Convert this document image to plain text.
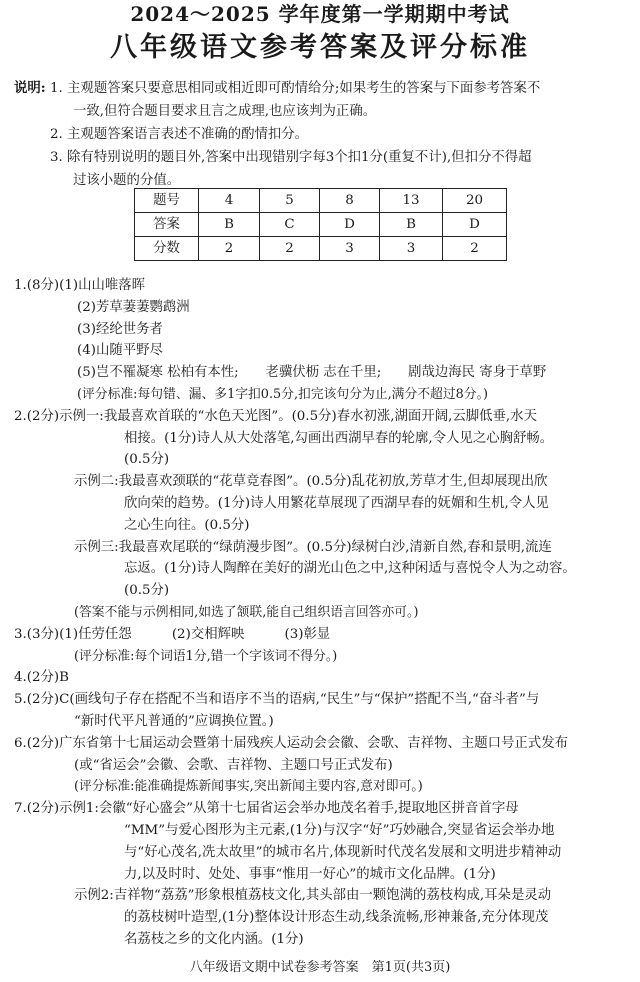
2024～2025 学年度第一学期期中考试
八年级语文参考答案及评分标准
说明: 1. 主观题答案只要意思相同或相近即可酌情给分;如果考生的答案与下面参考答案不
一致,但符合题目要求且言之成理,也应该判为正确。
2. 主观题答案语言表述不准确的酌情扣分。
3. 除有特别说明的题目外,答案中出现错别字每3个扣1分(重复不计),但扣分不得超
过该小题的分值。
题号	4	5	8	13	20
答案	B	C	D	B	D
分数	2	2	3	3	2
1.(8分)(1)山山唯落晖
(2)芳草萋萋鹦鹉洲
(3)经纶世务者
(4)山随平野尽
(5)岂不罹凝寒 松柏有本性;　　老骥伏枥 志在千里;　　剧哉边海民 寄身于草野
(评分标准:每句错、漏、多1字扣0.5分,扣完该句分为止,满分不超过8分。)
2.(2分)示例一:我最喜欢首联的“水色天光图”。(0.5分)春水初涨,湖面开阔,云脚低垂,水天
相接。(1分)诗人从大处落笔,勾画出西湖早春的轮廓,令人见之心胸舒畅。
(0.5分)
示例二:我最喜欢颈联的“花草竞春图”。(0.5分)乱花初放,芳草才生,但却展现出欣
欣向荣的趋势。(1分)诗人用繁花草展现了西湖早春的妩媚和生机,令人见
之心生向往。(0.5分)
示例三:我最喜欢尾联的“绿荫漫步图”。(0.5分)绿树白沙,清新自然,春和景明,流连
忘返。(1分)诗人陶醉在美好的湖光山色之中,这种闲适与喜悦令人为之动容。
(0.5分)
(答案不能与示例相同,如选了颔联,能自己组织语言回答亦可。)
3.(3分)(1)任劳任怨　　　(2)交相辉映　　　(3)彰显
(评分标准:每个词语1分,错一个字该词不得分。)
4.(2分)B
5.(2分)C(画线句子存在搭配不当和语序不当的语病,“民生”与“保护”搭配不当,“奋斗者”与
“新时代平凡普通的”应调换位置。)
6.(2分)广东省第十七届运动会暨第十届残疾人运动会会徽、会歌、吉祥物、主题口号正式发布
(或“省运会”会徽、会歌、吉祥物、主题口号正式发布)
(评分标准:能准确提炼新闻事实,突出新闻主要内容,意对即可。)
7.(2分)示例1:会徽“好心盛会”从第十七届省运会举办地茂名着手,提取地区拼音首字母
“MM”与爱心图形为主元素,(1分)与汉字“好”巧妙融合,突显省运会举办地
与“好心茂名,冼太故里”的城市名片,体现新时代茂名发展和文明进步精神动
力,以及时时、处处、事事“惟用一好心”的城市文化品牌。(1分)
示例2:吉祥物“荔荔”形象根植荔枝文化,其头部由一颗饱满的荔枝构成,耳朵是灵动
的荔枝树叶造型,(1分)整体设计形态生动,线条流畅,形神兼备,充分体现茂
名荔枝之乡的文化内涵。(1分)
八年级语文期中试卷参考答案　第1页(共3页)
